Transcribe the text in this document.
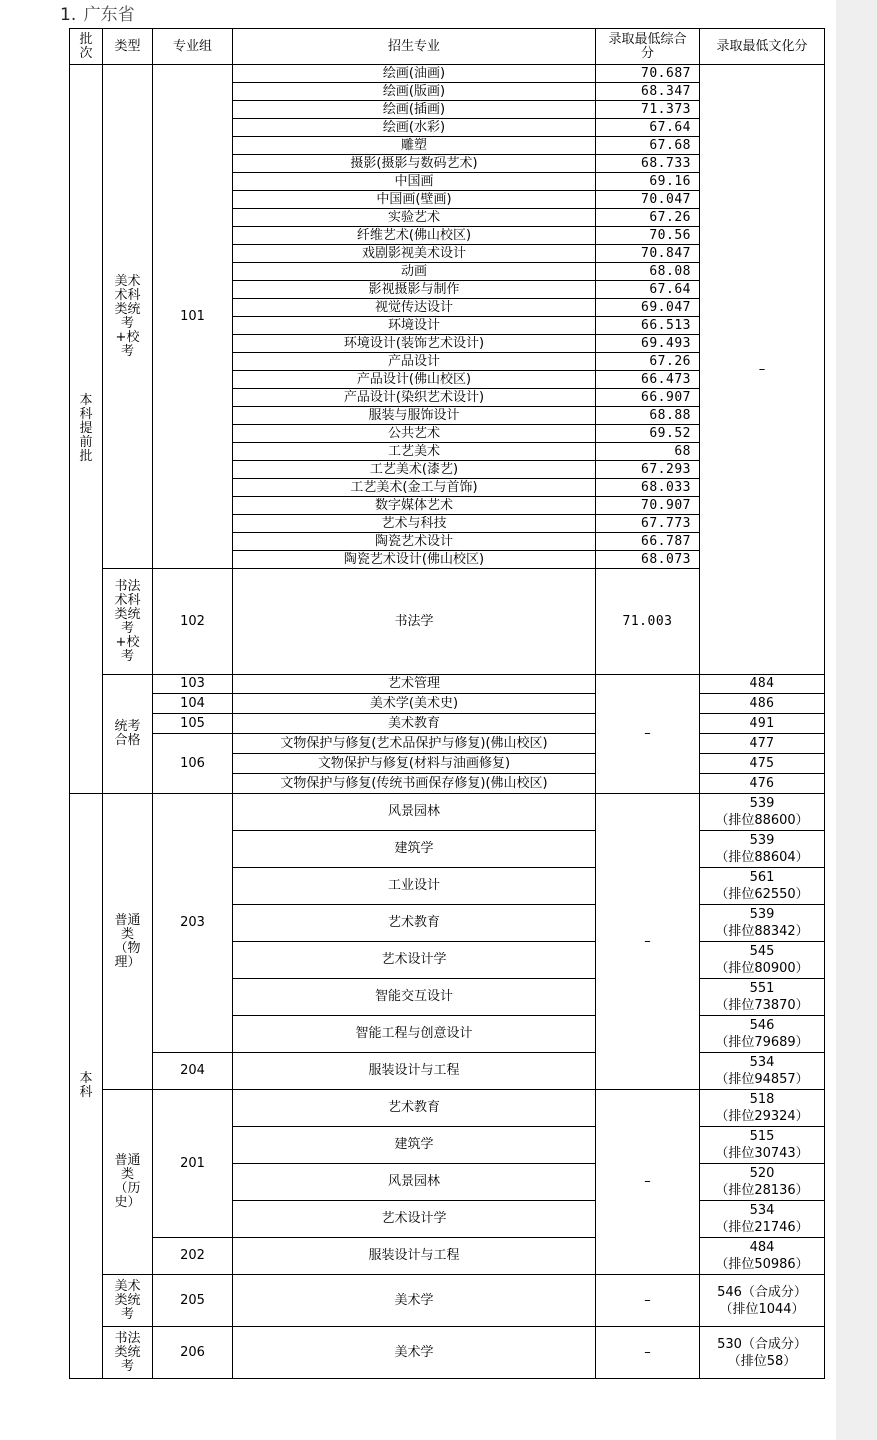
1. 广东省
批次	类型	专业组	招生专业	录取最低综合分	录取最低文化分

本科提前批	美术术科类统考+校考	101	绘画(油画)	70.687	–
			绘画(版画)	68.347	
			绘画(插画)	71.373	
			绘画(水彩)	67.64	
			雕塑	67.68	
			摄影(摄影与数码艺术)	68.733	
			中国画	69.16	
			中国画(壁画)	70.047	
			实验艺术	67.26	
			纤维艺术(佛山校区)	70.56	
			戏剧影视美术设计	70.847	
			动画	68.08	
			影视摄影与制作	67.64	
			视觉传达设计	69.047	
			环境设计	66.513	
			环境设计(装饰艺术设计)	69.493	
			产品设计	67.26	
			产品设计(佛山校区)	66.473	
			产品设计(染织艺术设计)	66.907	
			服装与服饰设计	68.88	
			公共艺术	69.52	
			工艺美术	68	
			工艺美术(漆艺)	67.293	
			工艺美术(金工与首饰)	68.033	
			数字媒体艺术	70.907	
			艺术与科技	67.773	
			陶瓷艺术设计	66.787	
			陶瓷艺术设计(佛山校区)	68.073	

	书法术科类统考+校考	102	书法学	71.003	

	统考合格	103	艺术管理	–	484
		104	美术学(美术史)		486
		105	美术教育		491
		106	文物保护与修复(艺术品保护与修复)(佛山校区)		477
			文物保护与修复(材料与油画修复)		475
			文物保护与修复(传统书画保存修复)(佛山校区)		476

本科	普通类（物理）	203	风景园林	–	539
（排位88600）

			建筑学		539
（排位88604）

			工业设计		561
（排位62550）

			艺术教育		539
（排位88342）

			艺术设计学		545
（排位80900）

			智能交互设计		551
（排位73870）

			智能工程与创意设计		546
（排位79689）

		204	服装设计与工程		534
（排位94857）

	普通类（历史）	201	艺术教育	–	518
（排位29324）

			建筑学		515
（排位30743）

			风景园林		520
（排位28136）

			艺术设计学		534
（排位21746）

		202	服装设计与工程		484
（排位50986）

	美术类统考	205	美术学	–	546（合成分）
（排位1044）

	书法类统考	206	美术学	–	530（合成分）
（排位58）
